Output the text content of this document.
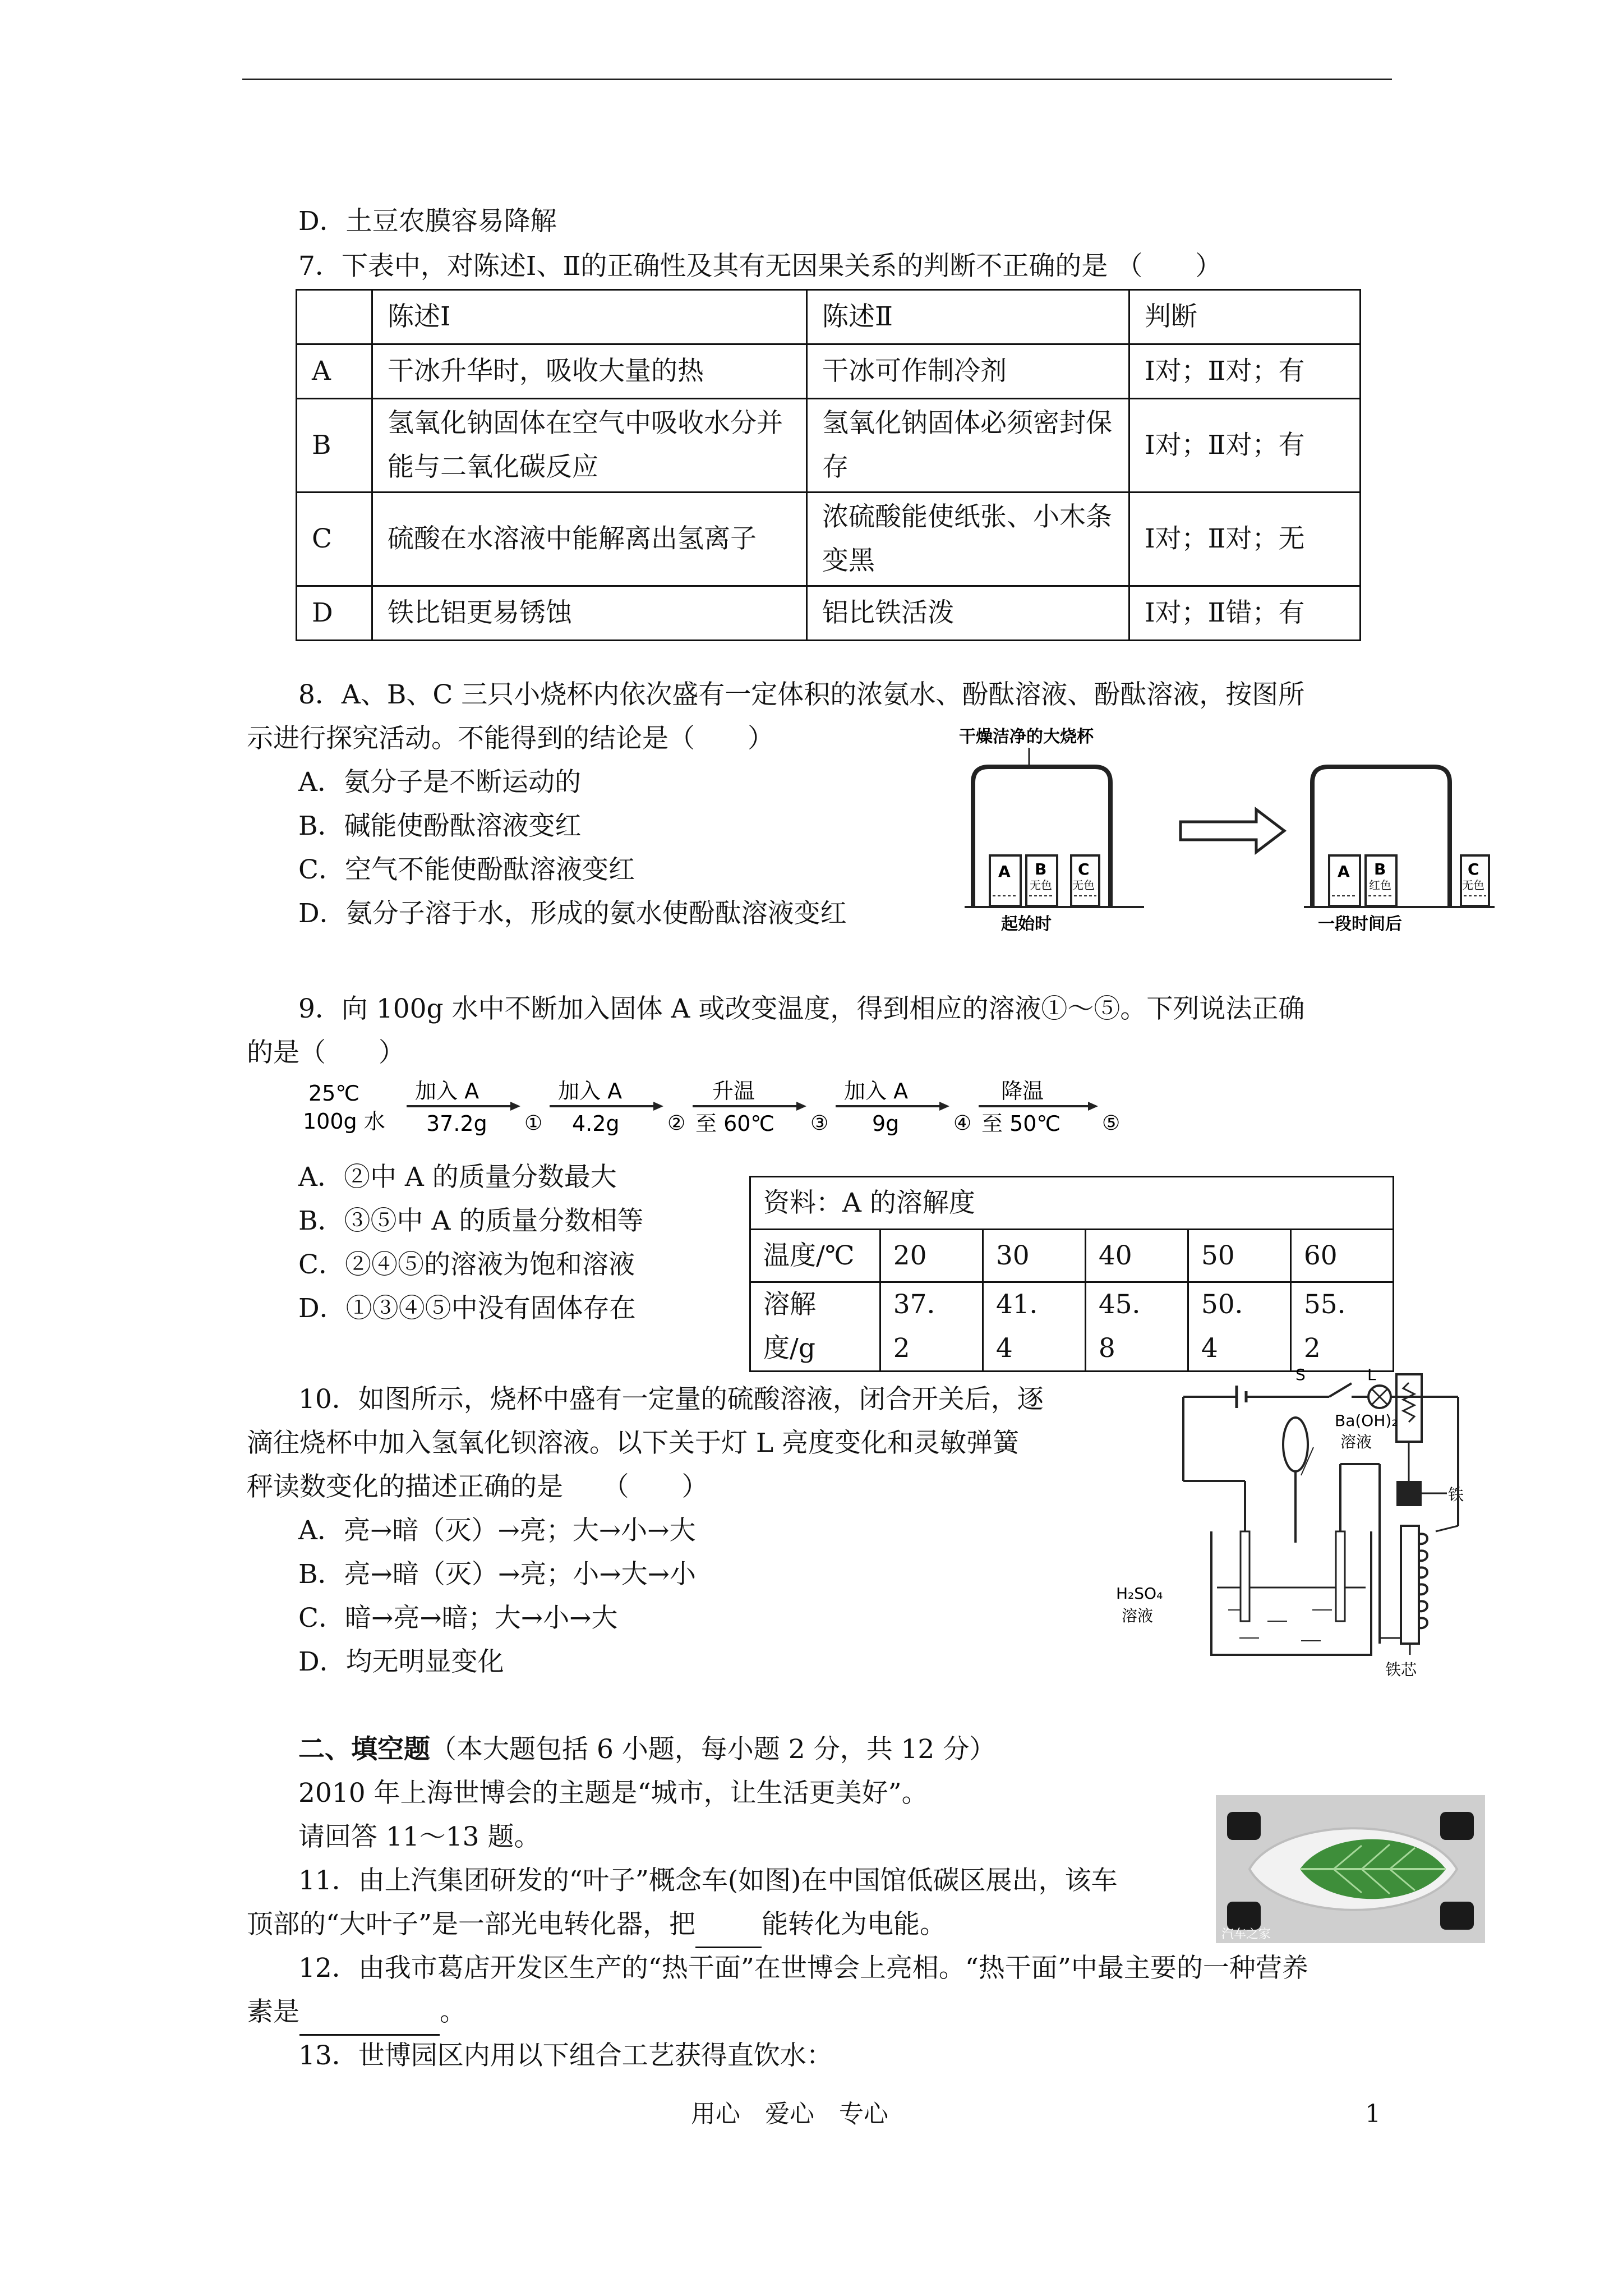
D．土豆农膜容易降解
7．下表中，对陈述Ⅰ、Ⅱ的正确性及其有无因果关系的判断不正确的是 （　　）
	陈述Ⅰ	陈述Ⅱ	判断
A	干冰升华时，吸收大量的热	干冰可作制冷剂	Ⅰ对；Ⅱ对；有
B	氢氧化钠固体在空气中吸收水分并能与二氧化碳反应	氢氧化钠固体必须密封保存	Ⅰ对；Ⅱ对；有
C	硫酸在水溶液中能解离出氢离子	浓硫酸能使纸张、小木条变黑	Ⅰ对；Ⅱ对；无
D	铁比铝更易锈蚀	铝比铁活泼	Ⅰ对；Ⅱ错；有
8．A、B、C 三只小烧杯内依次盛有一定体积的浓氨水、酚酞溶液、酚酞溶液，按图所
示进行探究活动。不能得到的结论是（　　）
A．氨分子是不断运动的
B．碱能使酚酞溶液变红
C．空气不能使酚酞溶液变红
D．氨分子溶于水，形成的氨水使酚酞溶液变红
干燥洁净的大烧杯
A B
无色
C
无色
起始时
A B
红色
C
无色
一段时间后
9．向 100g 水中不断加入固体 A 或改变温度，得到相应的溶液①～⑤。下列说法正确
的是（　　）
25℃
100g 水
加入 A
37.2g ①
加入 A
4.2g ②
升温
至 60℃ ③
加入 A
9g	④
降温
至 50℃ ⑤
A．②中 A 的质量分数最大
B．③⑤中 A 的质量分数相等
C．②④⑤的溶液为饱和溶液
D．①③④⑤中没有固体存在
资料：A 的溶解度					
温度/℃	20	30	40	50	60
溶解度/g	37．2	41．4	45．8	50．4	55．2
10．如图所示，烧杯中盛有一定量的硫酸溶液，闭合开关后，逐
滴往烧杯中加入氢氧化钡溶液。以下关于灯 L 亮度变化和灵敏弹簧
秤读数变化的描述正确的是　　（　　）
A．亮→暗（灭）→亮；大→小→大
B．亮→暗（灭）→亮；小→大→小
C．暗→亮→暗；大→小→大
D．均无明显变化
S	L
铁
铁芯
Ba(OH)₂
溶液
H₂SO₄
溶液
二、填空题（本大题包括 6 小题，每小题 2 分，共 12 分）
2010 年上海世博会的主题是“城市，让生活更美好”。
请回答 11～13 题。
11．由上汽集团研发的“叶子”概念车(如图)在中国馆低碳区展出，该车
顶部的“大叶子”是一部光电转化器，把	能转化为电能。
12．由我市葛店开发区生产的“热干面”在世博会上亮相。“热干面”中最主要的一种营养
素是	。
13．世博园区内用以下组合工艺获得直饮水：
汽车之家
用心　爱心　专心	1
